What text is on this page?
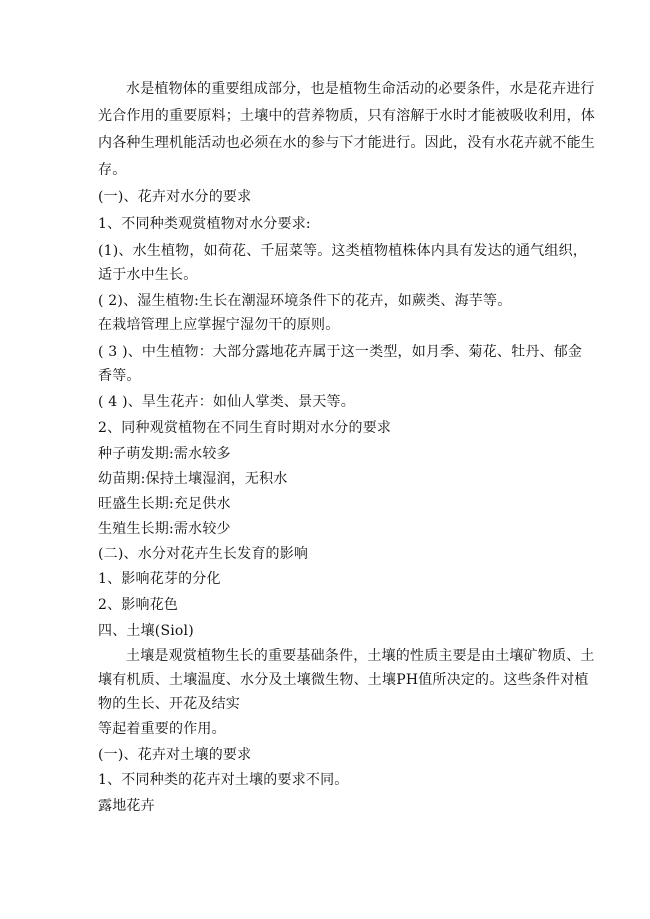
水是植物体的重要组成部分，也是植物生命活动的必要条件，水是花卉进行
光合作用的重要原料；土壤中的营养物质，只有溶解于水时才能被吸收利用，体
内各种生理机能活动也必须在水的参与下才能进行。因此，没有水花卉就不能生
存。
(一)、花卉对水分的要求
1、不同种类观赏植物对水分要求:
(1)、水生植物，如荷花、千屈菜等。这类植物植株体内具有发达的通气组织，
适于水中生长。
( 2)、湿生植物:生长在潮湿环境条件下的花卉，如蕨类、海芋等。
在栽培管理上应掌握宁湿勿干的原则。
( 3 )、中生植物：大部分露地花卉属于这一类型，如月季、菊花、牡丹、郁金
香等。
( 4 )、旱生花卉：如仙人掌类、景天等。
2、同种观赏植物在不同生育时期对水分的要求
种子萌发期:需水较多
幼苗期:保持土壤湿润，无积水
旺盛生长期:充足供水
生殖生长期:需水较少
(二)、水分对花卉生长发育的影响
1、影响花芽的分化
2、影响花色
四、土壤(Siol)
土壤是观赏植物生长的重要基础条件，土壤的性质主要是由土壤矿物质、土
壤有机质、土壤温度、水分及土壤微生物、土壤PH值所决定的。这些条件对植
物的生长、开花及结实
等起着重要的作用。
(一)、花卉对土壤的要求
1、不同种类的花卉对土壤的要求不同。
露地花卉
